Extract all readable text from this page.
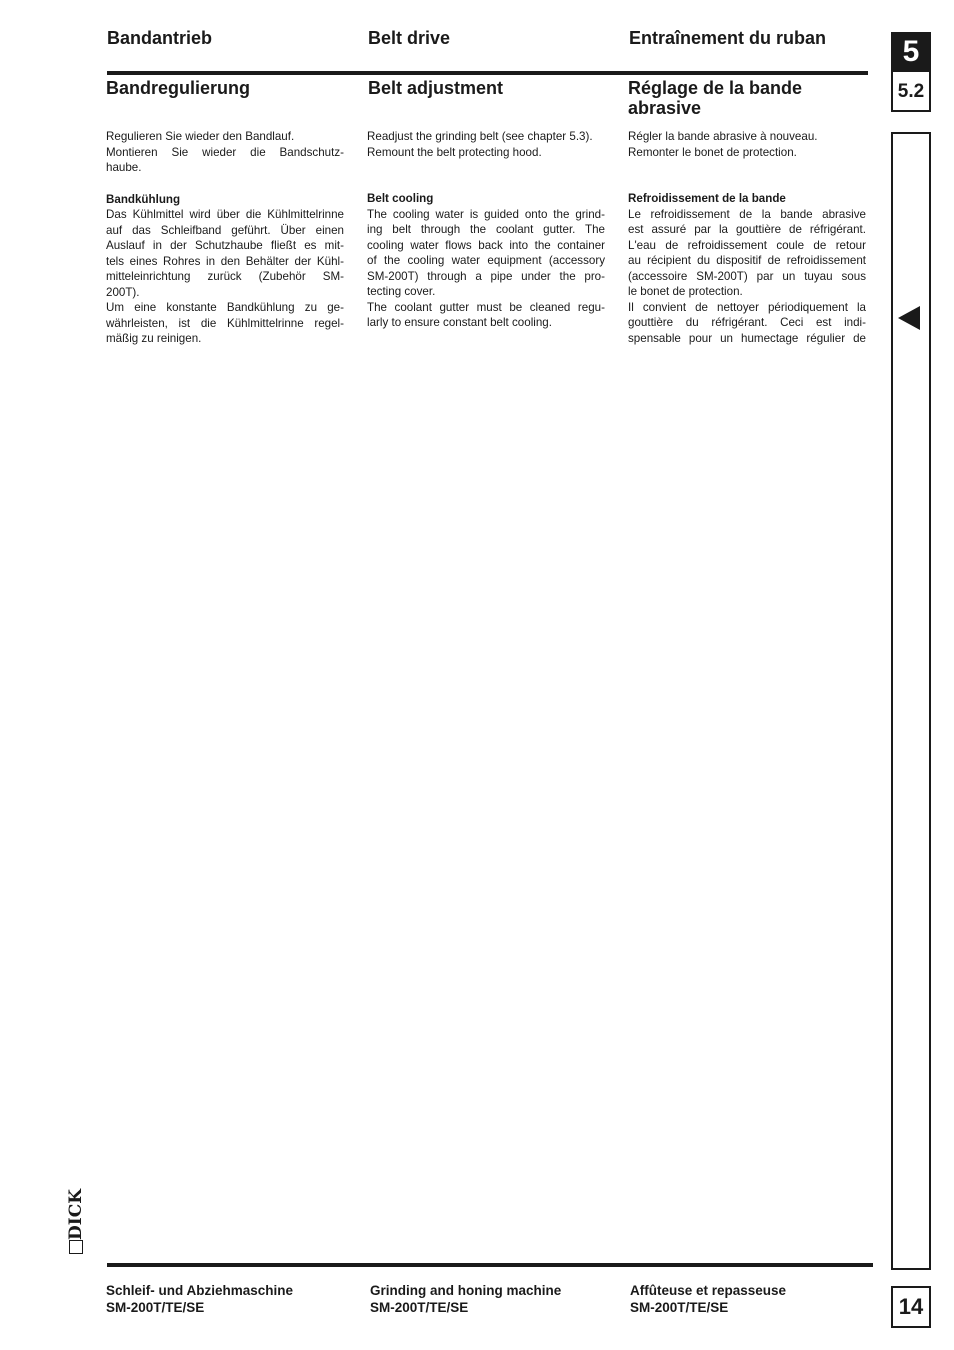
Bandantrieb	Belt drive	Entraînement du ruban
Bandregulierung	Belt adjustment	Réglage de la bande
abrasive
5
5.2

Regulieren Sie wieder den Bandlauf.

Montieren Sie wieder die Bandschutz-

haube.

Bandkühlung

Das Kühlmittel wird über die Kühlmittelrinne

auf das Schleifband geführt. Über einen

Auslauf in der Schutzhaube fließt es mit-

tels eines Rohres in den Behälter der Kühl-

mitteleinrichtung zurück (Zubehör SM-

200T).

Um eine konstante Bandkühlung zu ge-

währleisten, ist die Kühlmittelrinne regel-

mäßig zu reinigen.

Readjust the grinding belt (see chapter 5.3).

Remount the belt protecting hood.

Belt cooling

The cooling water is guided onto the grind-

ing belt through the coolant gutter. The

cooling water flows back into the container

of the cooling water equipment (accessory

SM-200T) through a pipe under the pro-

tecting cover.

The coolant gutter must be cleaned regu-

larly to ensure constant belt cooling.

Régler la bande abrasive à nouveau.

Remonter le bonet de protection.

Refroidissement de la bande

Le refroidissement de la bande abrasive

est assuré par la gouttière de réfrigérant.

L'eau de refroidissement coule de retour

au récipient du dispositif de refroidissement

(accessoire SM-200T) par un tuyau sous

le bonet de protection.

Il convient de nettoyer périodiquement la

gouttière du réfrigérant. Ceci est indi-

spensable pour un humectage régulier de

DICK
Schleif- und Abziehmaschine
SM-200T/TE/SE
Grinding and honing machine
SM-200T/TE/SE
Affûteuse et repasseuse
SM-200T/TE/SE	14
